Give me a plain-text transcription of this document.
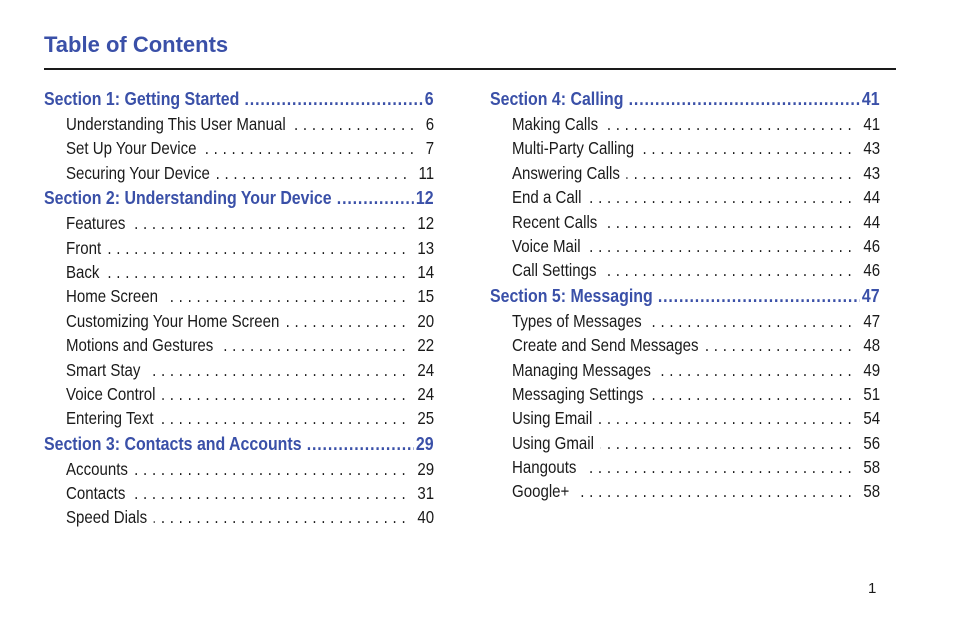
Table of Contents
Section 1: Getting Started .....	6
Understanding This User Manual .....	6
Set Up Your Device .....	7
Securing Your Device .....	11
Section 2: Understanding Your Device .....	12
Features .....	12
Front .....	13
Back .....	14
Home Screen .....	15
Customizing Your Home Screen .....	20
Motions and Gestures .....	22
Smart Stay .....	24
Voice Control .....	24
Entering Text .....	25
Section 3: Contacts and Accounts .....	29
Accounts .....	29
Contacts .....	31
Speed Dials .....	40
Section 4: Calling .....	41
Making Calls .....	41
Multi-Party Calling .....	43
Answering Calls .....	43
End a Call .....	44
Recent Calls .....	44
Voice Mail .....	46
Call Settings .....	46
Section 5: Messaging .....	47
Types of Messages .....	47
Create and Send Messages .....	48
Managing Messages .....	49
Messaging Settings .....	51
Using Email .....	54
Using Gmail .....	56
Hangouts .....	58
Google+ .....	58
1
